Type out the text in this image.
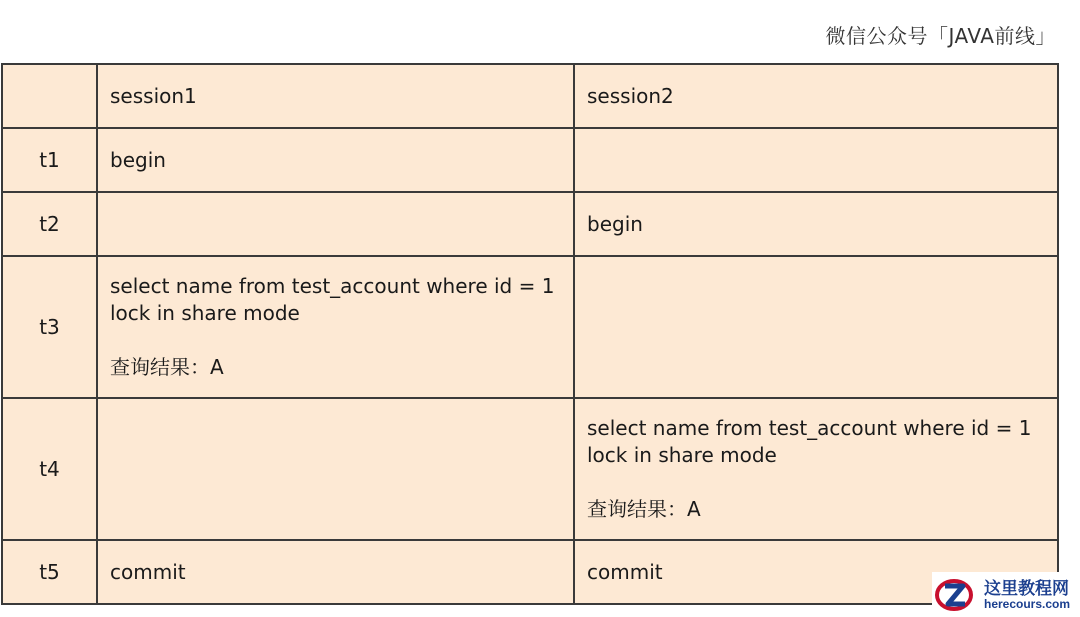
微信公众号「JAVA前线」
	session1	session2
t1	begin	
t2		begin
t3	select name from test_account where id = 1
lock in share mode
查询结果：A	

t4		select name from test_account where id = 1
lock in share mode
查询结果：A

t5	commit	commit
这里教程网
herecours.com
